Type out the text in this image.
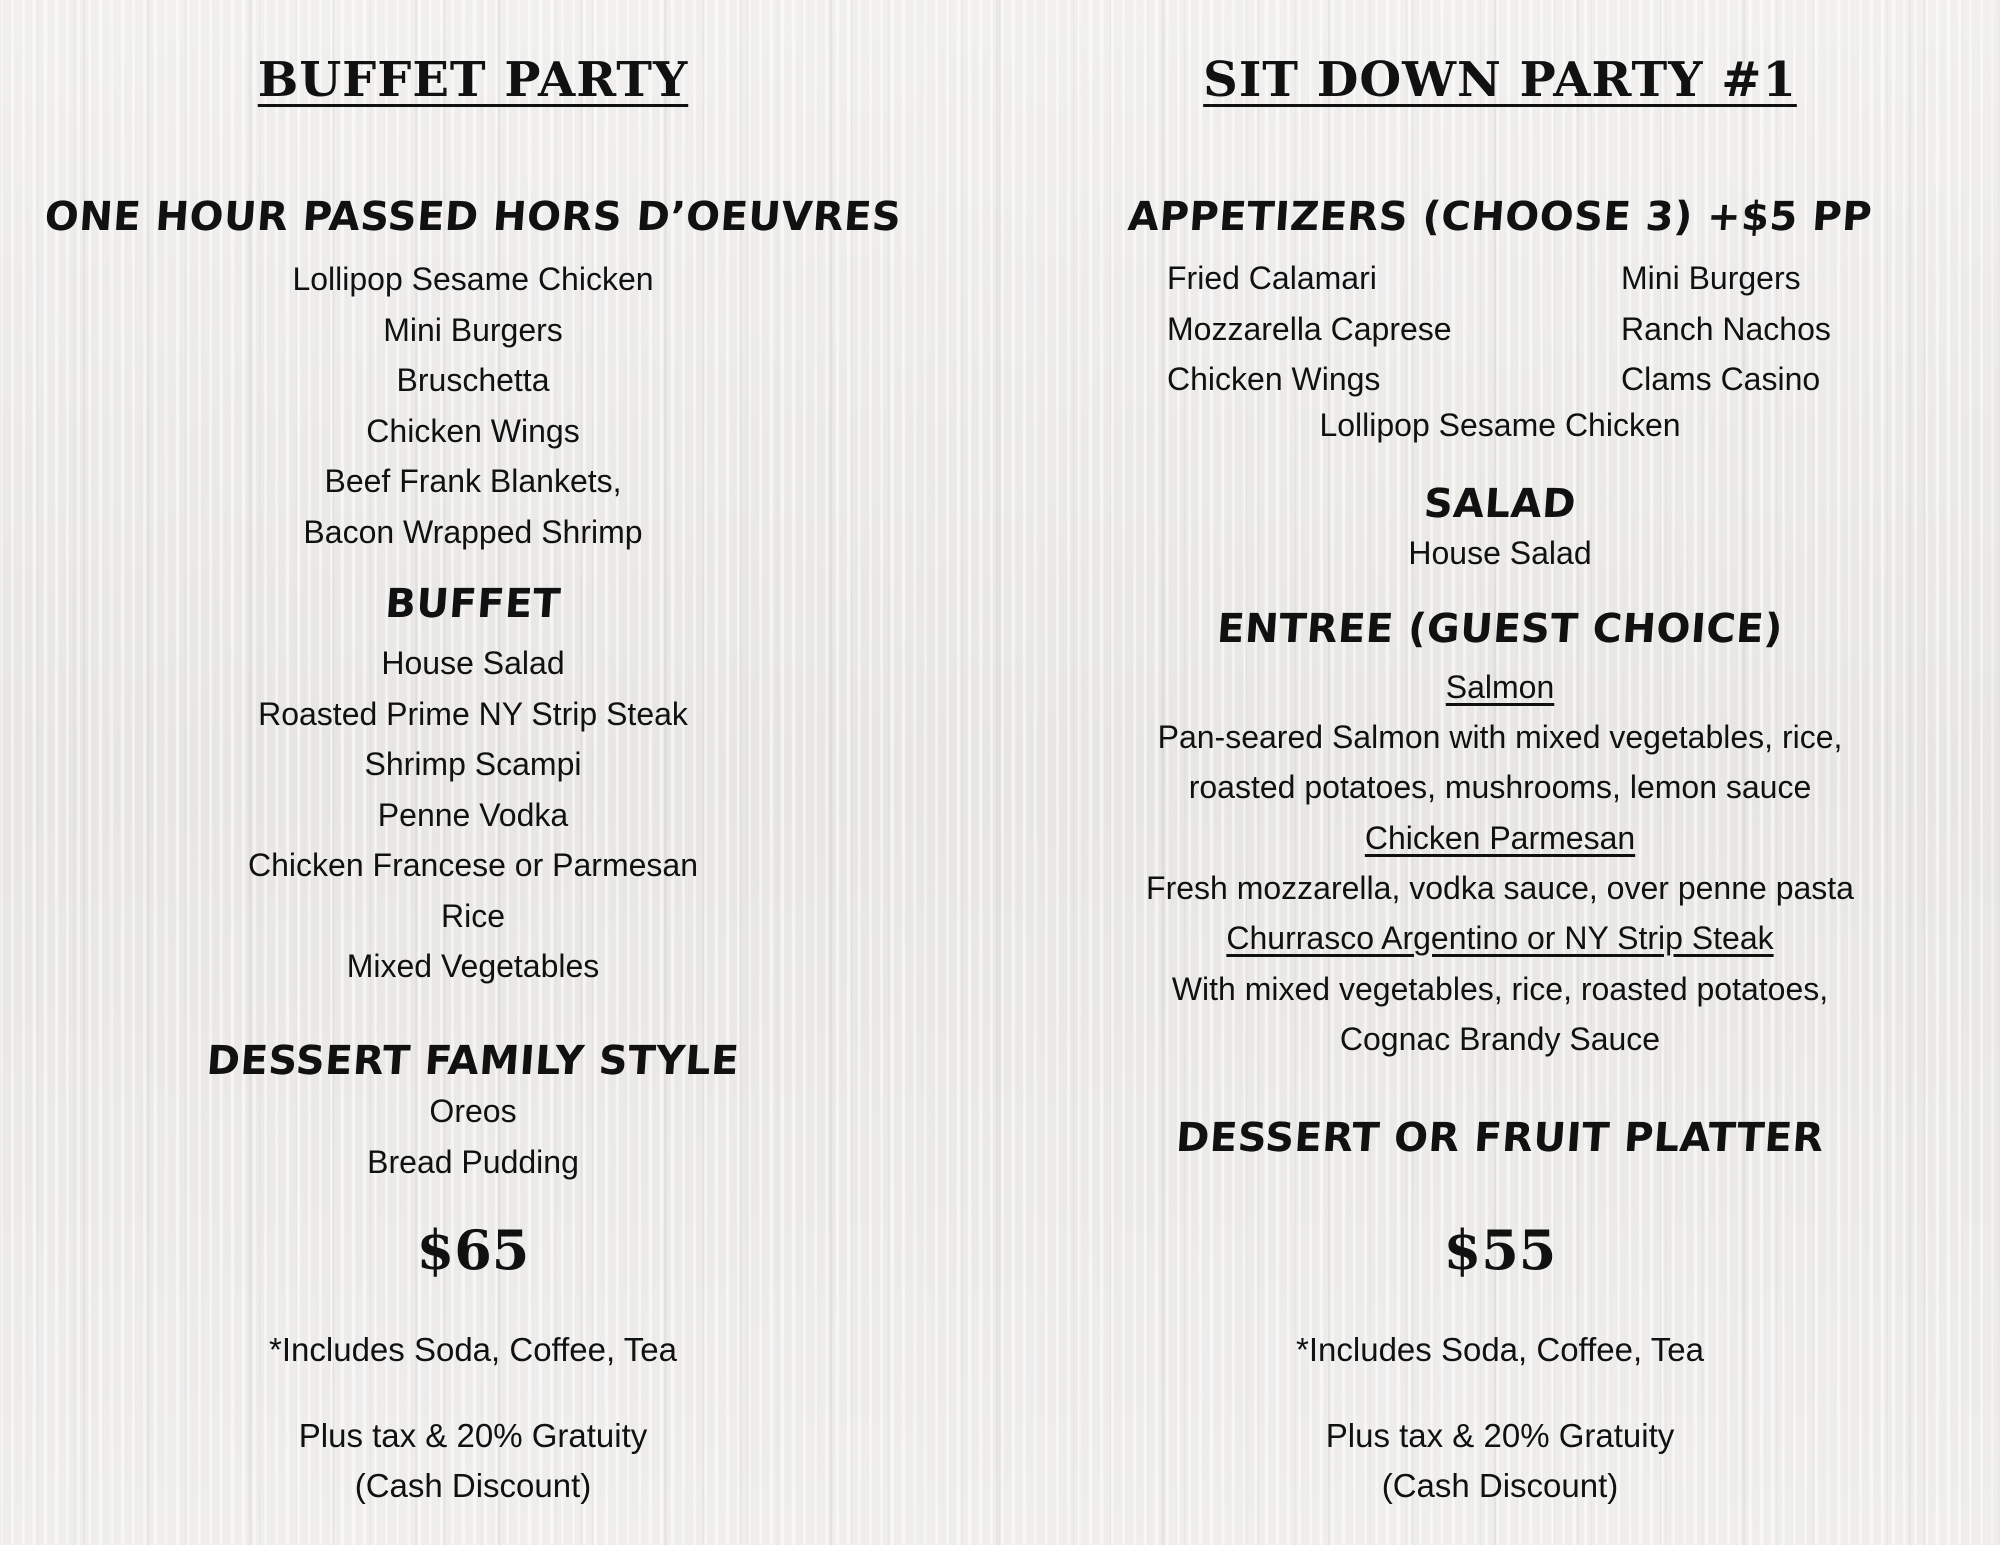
BUFFET PARTY
ONE HOUR PASSED HORS D’OEUVRES
Lollipop Sesame Chicken
Mini Burgers
Bruschetta
Chicken Wings
Beef Frank Blankets,
Bacon Wrapped Shrimp
BUFFET
House Salad
Roasted Prime NY Strip Steak
Shrimp Scampi
Penne Vodka
Chicken Francese or Parmesan
Rice
Mixed Vegetables
DESSERT FAMILY STYLE
Oreos
Bread Pudding
$65
*Includes Soda, Coffee, Tea
Plus tax & 20% Gratuity
(Cash Discount)
SIT DOWN PARTY #1
APPETIZERS (CHOOSE 3) +$5 PP
Fried Calamari
Mozzarella Caprese
Chicken Wings
Mini Burgers
Ranch Nachos
Clams Casino
Lollipop Sesame Chicken
SALAD
House Salad
ENTREE (GUEST CHOICE)
Salmon
Pan-seared Salmon with mixed vegetables, rice,
roasted potatoes, mushrooms, lemon sauce
Chicken Parmesan
Fresh mozzarella, vodka sauce, over penne pasta
Churrasco Argentino or NY Strip Steak
With mixed vegetables, rice, roasted potatoes,
Cognac Brandy Sauce
DESSERT OR FRUIT PLATTER
$55
*Includes Soda, Coffee, Tea
Plus tax & 20% Gratuity
(Cash Discount)
